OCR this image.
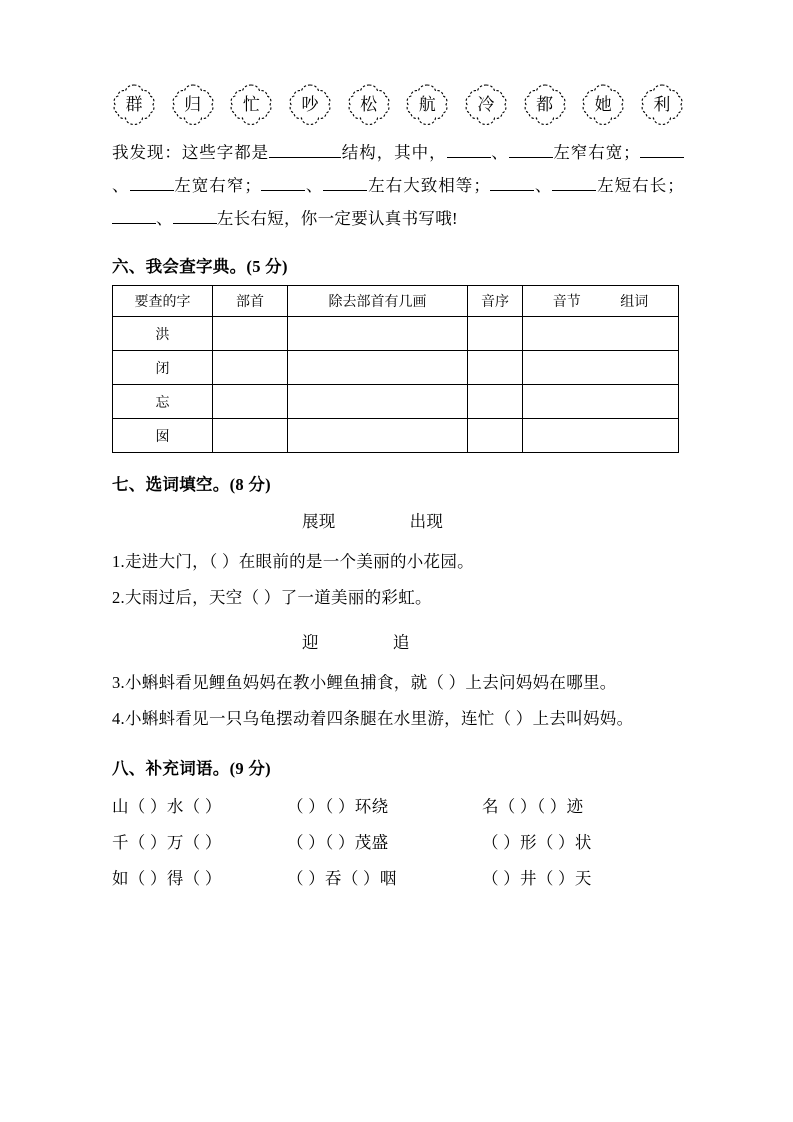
群 归 忙 吵 松 航 冷 都 她 利
我发现：这些字都是	结构，其中，	、	左窄右宽；、	左宽右窄；	、	左右大致相等；	、	左短右长；、	左长右短，你一定要认真书写哦!
六、我会查字典。(5 分)
要查的字	部首	除去部首有几画	音序	音节 组词

洪				
闭				
忘				
囡				
七、选词填空。(8 分)
展现	出现
1.走进大门，（ ）在眼前的是一个美丽的小花园。
2.大雨过后，天空（ ）了一道美丽的彩虹。
迎	追
3.小蝌蚪看见鲤鱼妈妈在教小鲤鱼捕食，就（ ）上去问妈妈在哪里。
4.小蝌蚪看见一只乌龟摆动着四条腿在水里游，连忙（ ）上去叫妈妈。
八、补充词语。(9 分)
山（ ）水（ ）	（ ）（ ）环绕	名（ ）（ ）迹
千（ ）万（ ）	（ ）（ ）茂盛	（ ）形（ ）状
如（ ）得（ ）	（ ）吞（ ）咽	（ ）井（ ）天
